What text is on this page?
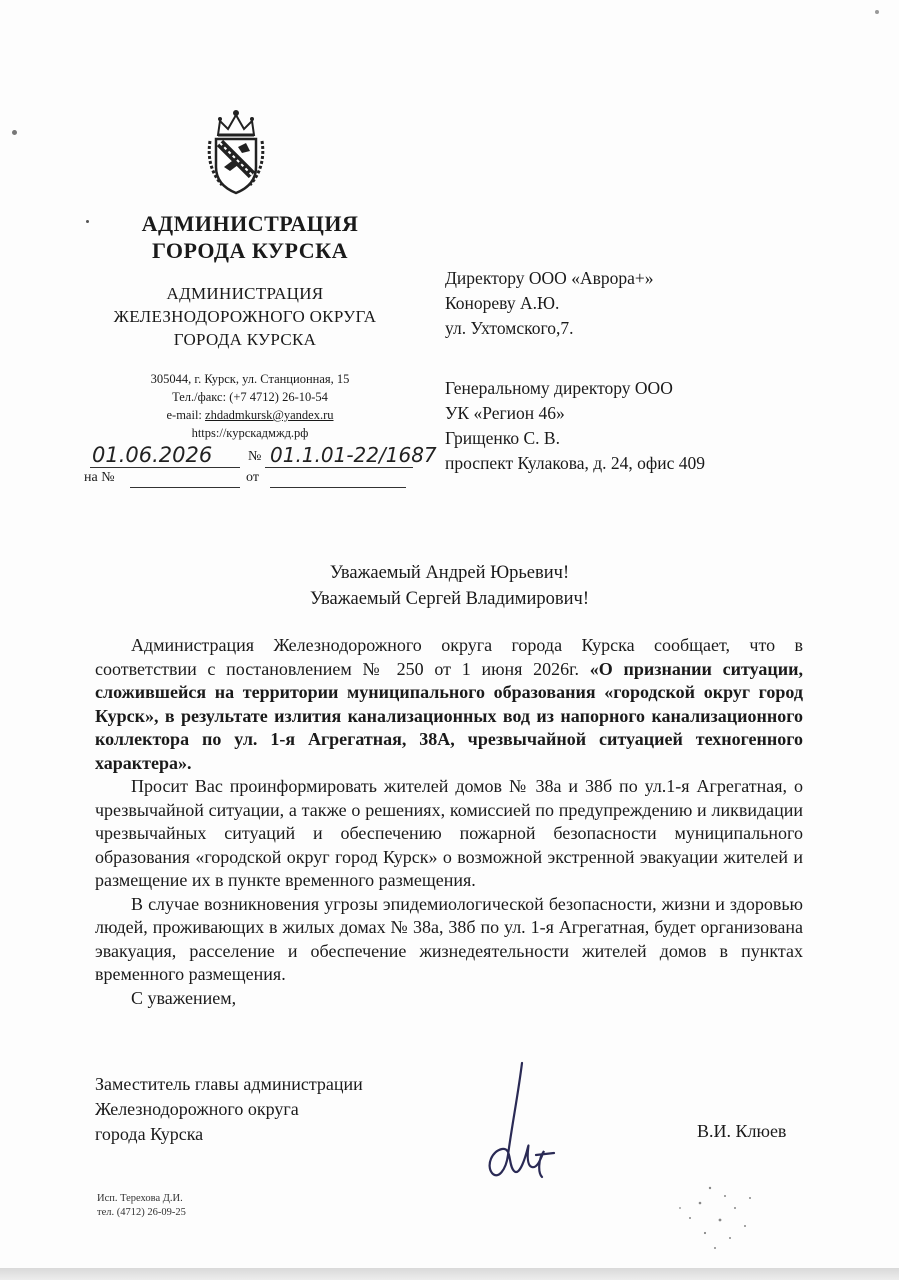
АДМИНИСТРАЦИЯ
ГОРОДА КУРСКА
АДМИНИСТРАЦИЯ
ЖЕЛЕЗНОДОРОЖНОГО ОКРУГА
ГОРОДА КУРСКА
305044, г. Курск, ул. Станционная, 15
Тел./факс: (+7 4712) 26-10-54
e-mail: zhdadmkursk@yandex.ru
https://курскадмжд.рф
01.06.2026	№ 01.1.01-22/1687
на №	от
Директору ООО «Аврора+»
Конореву А.Ю.
ул. Ухтомского,7.
Генеральному директору ООО
УК «Регион 46»
Грищенко С. В.
проспект Кулакова, д. 24, офис 409
Уважаемый Андрей Юрьевич!
Уважаемый Сергей Владимирович!

Администрация Железнодорожного округа города Курска сообщает, что в соответствии с постановлением № 250 от 1 июня 2026г. «О признании ситуации, сложившейся на территории муниципального образования «городской округ город Курск», в результате излития канализационных вод из напорного канализационного коллектора по ул. 1-я Агрегатная, 38А, чрезвычайной ситуацией техногенного характера».

Просит Вас проинформировать жителей домов № 38а и 38б по ул.1-я Агрегатная, о чрезвычайной ситуации, а также о решениях, комиссией по предупреждению и ликвидации чрезвычайных ситуаций и обеспечению пожарной безопасности муниципального образования «городской округ город Курск» о возможной экстренной эвакуации жителей и размещение их в пункте временного размещения.

В случае возникновения угрозы эпидемиологической безопасности, жизни и здоровью людей, проживающих в жилых домах № 38а, 38б по ул. 1-я Агрегатная, будет организована эвакуация, расселение и обеспечение жизнедеятельности жителей домов в пунктах временного размещения.

С уважением,

Заместитель главы администрации
Железнодорожного округа
города Курска	В.И. Клюев
Исп. Терехова Д.И.
тел. (4712) 26-09-25
